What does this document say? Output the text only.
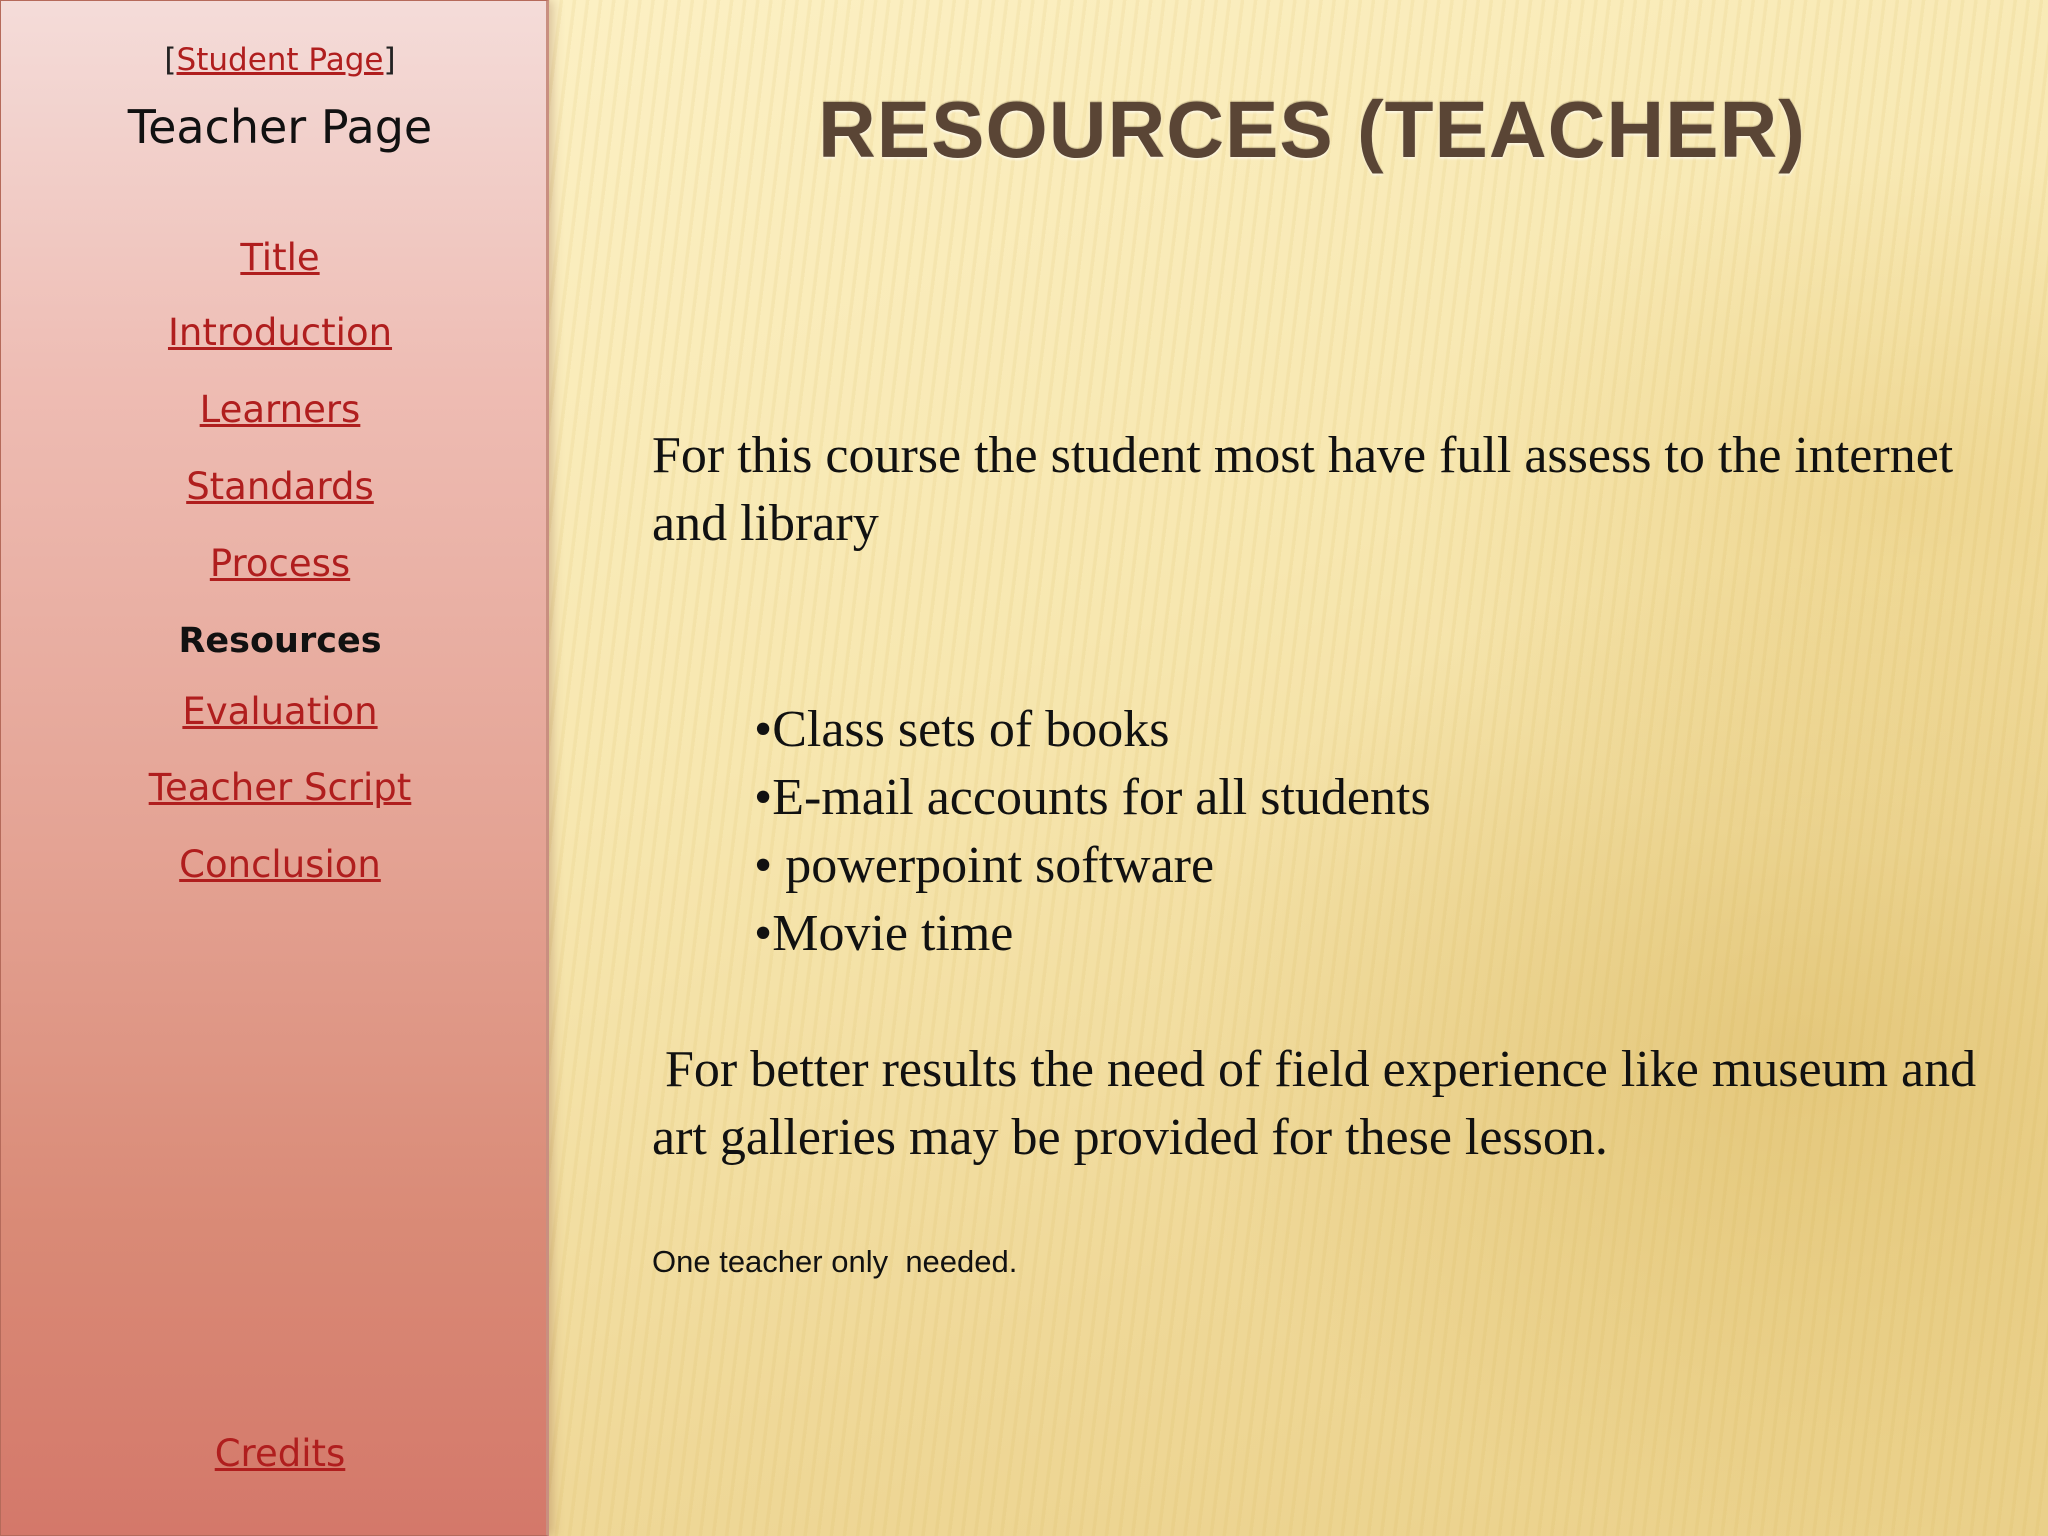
[Student Page]
Teacher Page
Title
Introduction
Learners
Standards
Process
Resources
Evaluation
Teacher Script
Conclusion
Credits
RESOURCES (TEACHER)
For this course the student most have full assess to the internet and library
•Class sets of books
•E-mail accounts for all students
• powerpoint software
•Movie time
For better results the need of field experience like museum and art galleries may be provided for these lesson.
One teacher only  needed.
